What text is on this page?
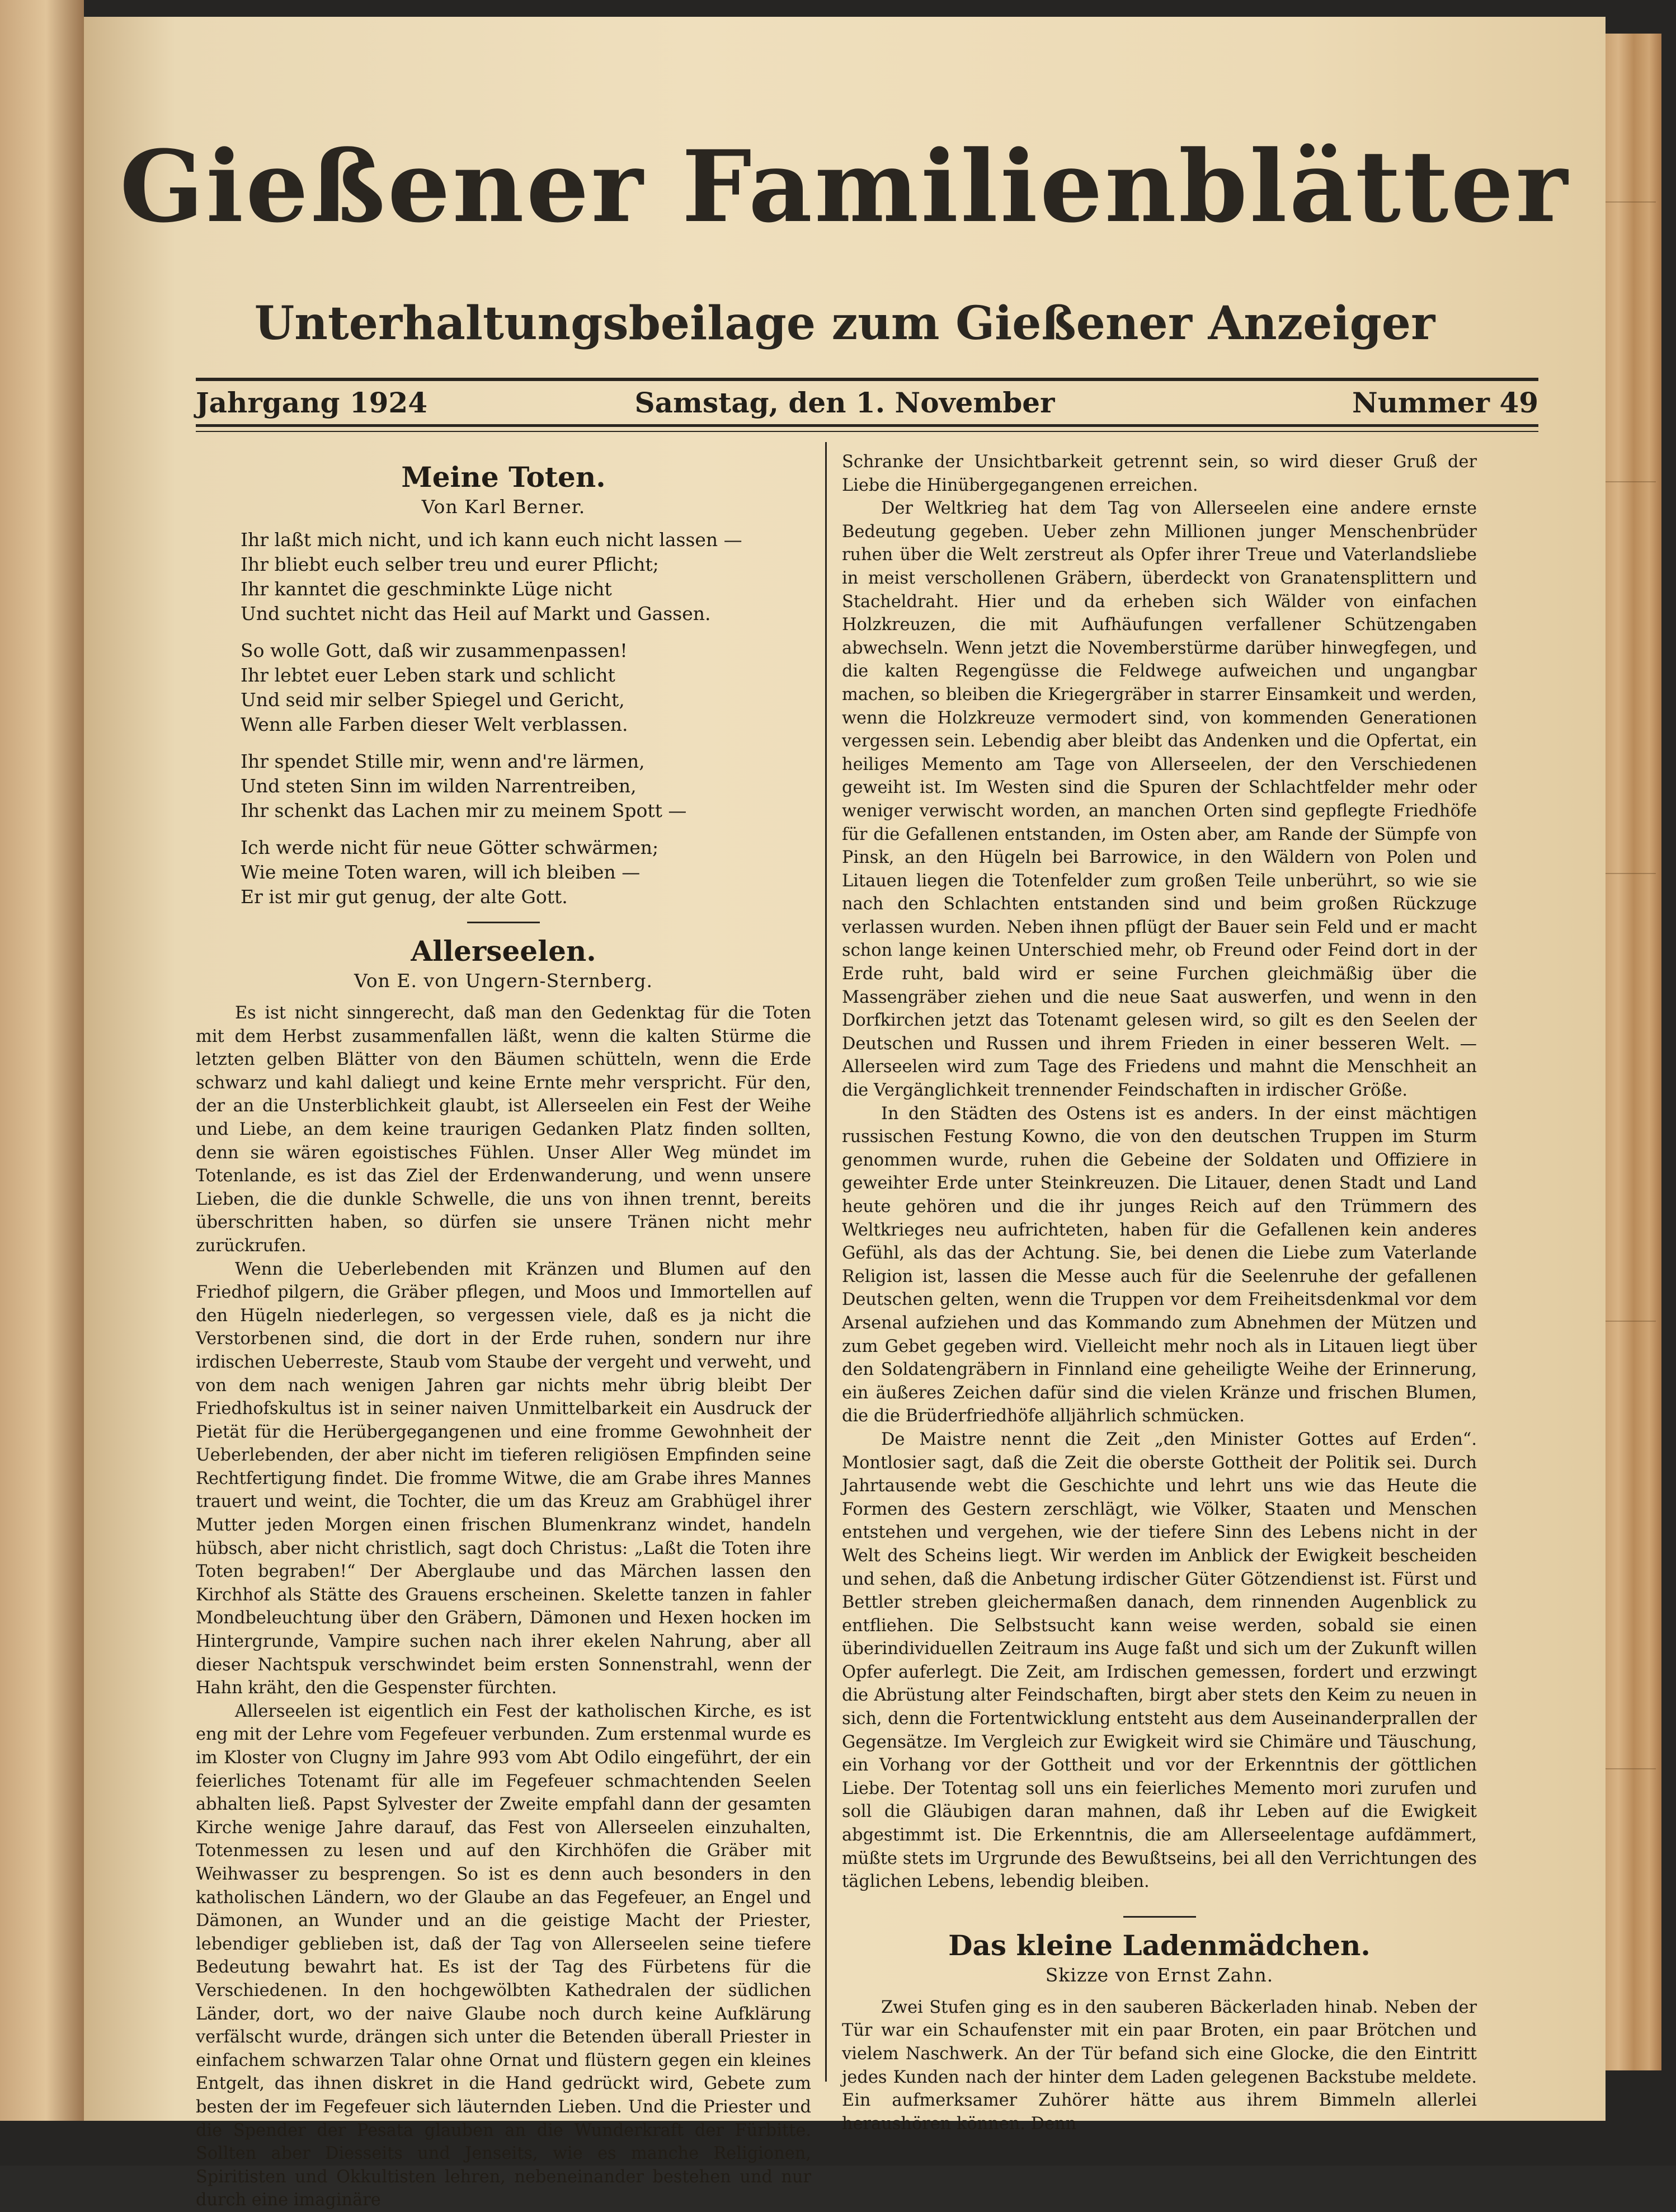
Gießener Familienblätter
Unterhaltungsbeilage zum Gießener Anzeiger
Jahrgang 1924	Samstag, den 1. November	Nummer 49
Meine Toten.
Von Karl Berner.

Ihr laßt mich nicht, und ich kann euch nicht lassen —

Ihr bliebt euch selber treu und eurer Pflicht;

Ihr kanntet die geschminkte Lüge nicht

Und suchtet nicht das Heil auf Markt und Gassen.

So wolle Gott, daß wir zusammenpassen!

Ihr lebtet euer Leben stark und schlicht

Und seid mir selber Spiegel und Gericht,

Wenn alle Farben dieser Welt verblassen.

Ihr spendet Stille mir, wenn and're lärmen,

Und steten Sinn im wilden Narrentreiben,

Ihr schenkt das Lachen mir zu meinem Spott —

Ich werde nicht für neue Götter schwärmen;

Wie meine Toten waren, will ich bleiben —

Er ist mir gut genug, der alte Gott.

Allerseelen.
Von E. von Ungern-Sternberg.

Es ist nicht sinngerecht, daß man den Gedenktag für die Toten mit dem Herbst zusammenfallen läßt, wenn die kalten Stürme die letzten gelben Blätter von den Bäumen schütteln, wenn die Erde schwarz und kahl daliegt und keine Ernte mehr verspricht. Für den, der an die Unsterblichkeit glaubt, ist Allerseelen ein Fest der Weihe und Liebe, an dem keine traurigen Gedanken Platz finden sollten, denn sie wären egoistisches Fühlen. Unser Aller Weg mündet im Totenlande, es ist das Ziel der Erdenwanderung, und wenn unsere Lieben, die die dunkle Schwelle, die uns von ihnen trennt, bereits überschritten haben, so dürfen sie unsere Tränen nicht mehr zurückrufen.

Wenn die Ueberlebenden mit Kränzen und Blumen auf den Friedhof pilgern, die Gräber pflegen, und Moos und Immortellen auf den Hügeln niederlegen, so vergessen viele, daß es ja nicht die Verstorbenen sind, die dort in der Erde ruhen, sondern nur ihre irdischen Ueberreste, Staub vom Staube der vergeht und verweht, und von dem nach wenigen Jahren gar nichts mehr übrig bleibt Der Friedhofskultus ist in seiner naiven Unmittelbarkeit ein Ausdruck der Pietät für die Herübergegangenen und eine fromme Gewohnheit der Ueberlebenden, der aber nicht im tieferen religiösen Empfinden seine Rechtfertigung findet. Die fromme Witwe, die am Grabe ihres Mannes trauert und weint, die Tochter, die um das Kreuz am Grabhügel ihrer Mutter jeden Morgen einen frischen Blumenkranz windet, handeln hübsch, aber nicht christlich, sagt doch Christus: „Laßt die Toten ihre Toten begraben!“ Der Aberglaube und das Märchen lassen den Kirchhof als Stätte des Grauens erscheinen. Skelette tanzen in fahler Mondbeleuchtung über den Gräbern, Dämonen und Hexen hocken im Hintergrunde, Vampire suchen nach ihrer ekelen Nahrung, aber all dieser Nachtspuk verschwindet beim ersten Sonnenstrahl, wenn der Hahn kräht, den die Gespenster fürchten.

Allerseelen ist eigentlich ein Fest der katholischen Kirche, es ist eng mit der Lehre vom Fegefeuer verbunden. Zum erstenmal wurde es im Kloster von Clugny im Jahre 993 vom Abt Odilo eingeführt, der ein feierliches Totenamt für alle im Fegefeuer schmachtenden Seelen abhalten ließ. Papst Sylvester der Zweite empfahl dann der gesamten Kirche wenige Jahre darauf, das Fest von Allerseelen einzuhalten, Totenmessen zu lesen und auf den Kirchhöfen die Gräber mit Weihwasser zu besprengen. So ist es denn auch besonders in den katholischen Ländern, wo der Glaube an das Fegefeuer, an Engel und Dämonen, an Wunder und an die geistige Macht der Priester, lebendiger geblieben ist, daß der Tag von Allerseelen seine tiefere Bedeutung bewahrt hat. Es ist der Tag des Fürbetens für die Verschiedenen. In den hochgewölbten Kathedralen der südlichen Länder, dort, wo der naive Glaube noch durch keine Aufklärung verfälscht wurde, drängen sich unter die Betenden überall Priester in einfachem schwarzen Talar ohne Ornat und flüstern gegen ein kleines Entgelt, das ihnen diskret in die Hand gedrückt wird, Gebete zum besten der im Fegefeuer sich läuternden Lieben. Und die Priester und die Spender der Pesata glauben an die Wunderkraft der Fürbitte. Sollten aber Diesseits und Jenseits, wie es manche Religionen, Spiritisten und Okkultisten lehren, nebeneinander bestehen und nur durch eine imaginäre

Schranke der Unsichtbarkeit getrennt sein, so wird dieser Gruß der Liebe die Hinübergegangenen erreichen.

Der Weltkrieg hat dem Tag von Allerseelen eine andere ernste Bedeutung gegeben. Ueber zehn Millionen junger Menschenbrüder ruhen über die Welt zerstreut als Opfer ihrer Treue und Vaterlandsliebe in meist verschollenen Gräbern, überdeckt von Granatensplittern und Stacheldraht. Hier und da erheben sich Wälder von einfachen Holzkreuzen, die mit Aufhäufungen verfallener Schützengaben abwechseln. Wenn jetzt die Novemberstürme darüber hinwegfegen, und die kalten Regengüsse die Feldwege aufweichen und ungangbar machen, so bleiben die Kriegergräber in starrer Einsamkeit und werden, wenn die Holzkreuze vermodert sind, von kommenden Generationen vergessen sein. Lebendig aber bleibt das Andenken und die Opfertat, ein heiliges Memento am Tage von Allerseelen, der den Verschiedenen geweiht ist. Im Westen sind die Spuren der Schlachtfelder mehr oder weniger verwischt worden, an manchen Orten sind gepflegte Friedhöfe für die Gefallenen entstanden, im Osten aber, am Rande der Sümpfe von Pinsk, an den Hügeln bei Barrowice, in den Wäldern von Polen und Litauen liegen die Totenfelder zum großen Teile unberührt, so wie sie nach den Schlachten entstanden sind und beim großen Rückzuge verlassen wurden. Neben ihnen pflügt der Bauer sein Feld und er macht schon lange keinen Unterschied mehr, ob Freund oder Feind dort in der Erde ruht, bald wird er seine Furchen gleichmäßig über die Massengräber ziehen und die neue Saat auswerfen, und wenn in den Dorfkirchen jetzt das Totenamt gelesen wird, so gilt es den Seelen der Deutschen und Russen und ihrem Frieden in einer besseren Welt. — Allerseelen wird zum Tage des Friedens und mahnt die Menschheit an die Vergänglichkeit trennender Feindschaften in irdischer Größe.

In den Städten des Ostens ist es anders. In der einst mächtigen russischen Festung Kowno, die von den deutschen Truppen im Sturm genommen wurde, ruhen die Gebeine der Soldaten und Offiziere in geweihter Erde unter Steinkreuzen. Die Litauer, denen Stadt und Land heute gehören und die ihr junges Reich auf den Trümmern des Weltkrieges neu aufrichteten, haben für die Gefallenen kein anderes Gefühl, als das der Achtung. Sie, bei denen die Liebe zum Vaterlande Religion ist, lassen die Messe auch für die Seelenruhe der gefallenen Deutschen gelten, wenn die Truppen vor dem Freiheitsdenkmal vor dem Arsenal aufziehen und das Kommando zum Abnehmen der Mützen und zum Gebet gegeben wird. Vielleicht mehr noch als in Litauen liegt über den Soldatengräbern in Finnland eine geheiligte Weihe der Erinnerung, ein äußeres Zeichen dafür sind die vielen Kränze und frischen Blumen, die die Brüderfriedhöfe alljährlich schmücken.

De Maistre nennt die Zeit „den Minister Gottes auf Erden“. Montlosier sagt, daß die Zeit die oberste Gottheit der Politik sei. Durch Jahrtausende webt die Geschichte und lehrt uns wie das Heute die Formen des Gestern zerschlägt, wie Völker, Staaten und Menschen entstehen und vergehen, wie der tiefere Sinn des Lebens nicht in der Welt des Scheins liegt. Wir werden im Anblick der Ewigkeit bescheiden und sehen, daß die Anbetung irdischer Güter Götzendienst ist. Fürst und Bettler streben gleichermaßen danach, dem rinnenden Augenblick zu entfliehen. Die Selbstsucht kann weise werden, sobald sie einen überindividuellen Zeitraum ins Auge faßt und sich um der Zukunft willen Opfer auferlegt. Die Zeit, am Irdischen gemessen, fordert und erzwingt die Abrüstung alter Feindschaften, birgt aber stets den Keim zu neuen in sich, denn die Fortentwicklung entsteht aus dem Auseinanderprallen der Gegensätze. Im Vergleich zur Ewigkeit wird sie Chimäre und Täuschung, ein Vorhang vor der Gottheit und vor der Erkenntnis der göttlichen Liebe. Der Totentag soll uns ein feierliches Memento mori zurufen und soll die Gläubigen daran mahnen, daß ihr Leben auf die Ewigkeit abgestimmt ist. Die Erkenntnis, die am Allerseelentage aufdämmert, müßte stets im Urgrunde des Bewußtseins, bei all den Verrichtungen des täglichen Lebens, lebendig bleiben.

Das kleine Ladenmädchen.
Skizze von Ernst Zahn.

Zwei Stufen ging es in den sauberen Bäckerladen hinab. Neben der Tür war ein Schaufenster mit ein paar Broten, ein paar Brötchen und vielem Naschwerk. An der Tür befand sich eine Glocke, die den Eintritt jedes Kunden nach der hinter dem Laden gelegenen Backstube meldete. Ein aufmerksamer Zuhörer hätte aus ihrem Bimmeln allerlei heraushören können. Denn
